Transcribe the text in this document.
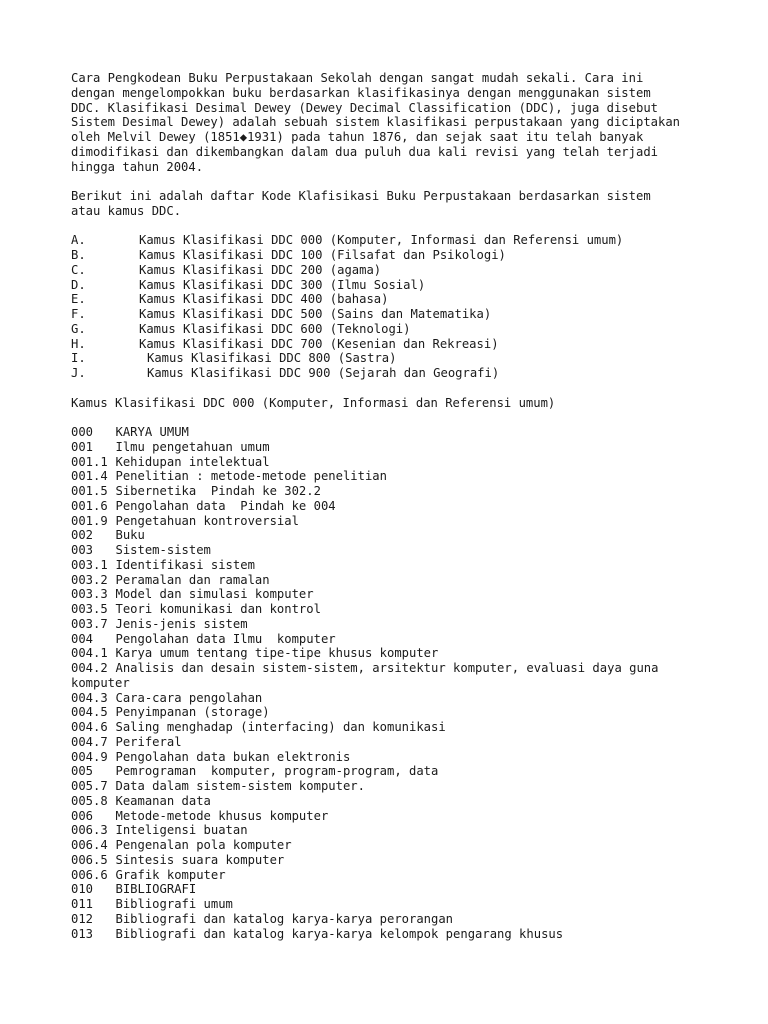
Cara Pengkodean Buku Perpustakaan Sekolah dengan sangat mudah sekali. Cara ini
dengan mengelompokkan buku berdasarkan klasifikasinya dengan menggunakan sistem
DDC. Klasifikasi Desimal Dewey (Dewey Decimal Classification (DDC), juga disebut
Sistem Desimal Dewey) adalah sebuah sistem klasifikasi perpustakaan yang diciptakan
oleh Melvil Dewey (1851◆1931) pada tahun 1876, dan sejak saat itu telah banyak
dimodifikasi dan dikembangkan dalam dua puluh dua kali revisi yang telah terjadi
hingga tahun 2004.
Berikut ini adalah daftar Kode Klafisikasi Buku Perpustakaan berdasarkan sistem
atau kamus DDC.
A.	Kamus Klasifikasi DDC 000 (Komputer, Informasi dan Referensi umum)
B.	Kamus Klasifikasi DDC 100 (Filsafat dan Psikologi)
C.	Kamus Klasifikasi DDC 200 (agama)
D.	Kamus Klasifikasi DDC 300 (Ilmu Sosial)
E.	Kamus Klasifikasi DDC 400 (bahasa)
F.	Kamus Klasifikasi DDC 500 (Sains dan Matematika)
G.	Kamus Klasifikasi DDC 600 (Teknologi)
H.	Kamus Klasifikasi DDC 700 (Kesenian dan Rekreasi)
I.	Kamus Klasifikasi DDC 800 (Sastra)
J.	Kamus Klasifikasi DDC 900 (Sejarah dan Geografi)
Kamus Klasifikasi DDC 000 (Komputer, Informasi dan Referensi umum)
000	KARYA UMUM
001	Ilmu pengetahuan umum
001.1 Kehidupan intelektual
001.4 Penelitian : metode-metode penelitian
001.5 Sibernetika  Pindah ke 302.2
001.6 Pengolahan data  Pindah ke 004
001.9 Pengetahuan kontroversial
002	Buku
003	Sistem-sistem
003.1 Identifikasi sistem
003.2 Peramalan dan ramalan
003.3 Model dan simulasi komputer
003.5 Teori komunikasi dan kontrol
003.7 Jenis-jenis sistem
004	Pengolahan data Ilmu  komputer
004.1 Karya umum tentang tipe-tipe khusus komputer
004.2 Analisis dan desain sistem-sistem, arsitektur komputer, evaluasi daya guna
komputer
004.3 Cara-cara pengolahan
004.5 Penyimpanan (storage)
004.6 Saling menghadap (interfacing) dan komunikasi
004.7 Periferal
004.9 Pengolahan data bukan elektronis
005	Pemrograman  komputer, program-program, data
005.7 Data dalam sistem-sistem komputer.
005.8 Keamanan data
006	Metode-metode khusus komputer
006.3 Inteligensi buatan
006.4 Pengenalan pola komputer
006.5 Sintesis suara komputer
006.6 Grafik komputer
010	BIBLIOGRAFI
011	Bibliografi umum
012	Bibliografi dan katalog karya-karya perorangan
013	Bibliografi dan katalog karya-karya kelompok pengarang khusus
